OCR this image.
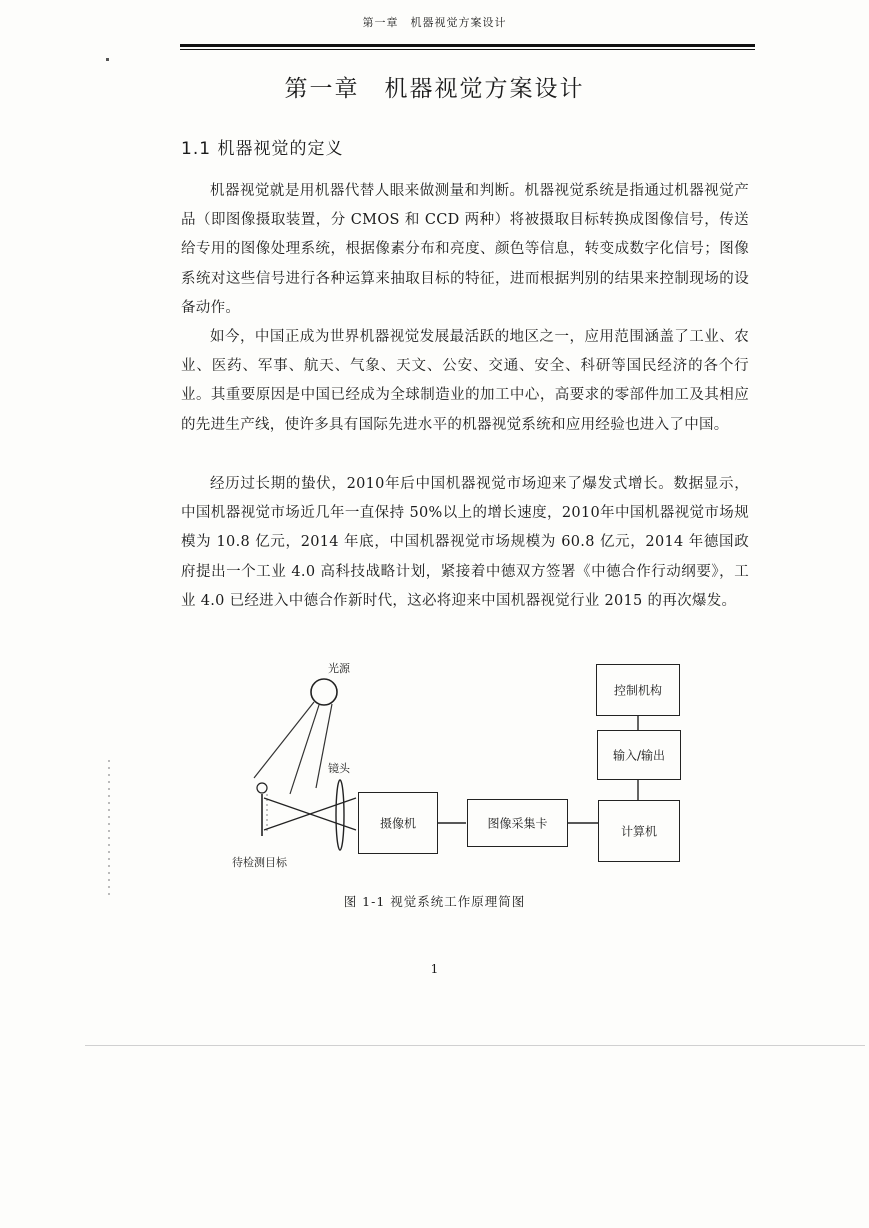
第一章　机器视觉方案设计
第一章　机器视觉方案设计
1.1 机器视觉的定义

机器视觉就是用机器代替人眼来做测量和判断。机器视觉系统是指通过机器视觉产品（即图像摄取装置，分 CMOS 和 CCD 两种）将被摄取目标转换成图像信号，传送给专用的图像处理系统，根据像素分布和亮度、颜色等信息，转变成数字化信号；图像系统对这些信号进行各种运算来抽取目标的特征，进而根据判别的结果来控制现场的设备动作。

如今，中国正成为世界机器视觉发展最活跃的地区之一，应用范围涵盖了工业、农业、医药、军事、航天、气象、天文、公安、交通、安全、科研等国民经济的各个行业。其重要原因是中国已经成为全球制造业的加工中心，高要求的零部件加工及其相应的先进生产线，使许多具有国际先进水平的机器视觉系统和应用经验也进入了中国。

经历过长期的蛰伏，2010年后中国机器视觉市场迎来了爆发式增长。数据显示，中国机器视觉市场近几年一直保持 50%以上的增长速度，2010年中国机器视觉市场规模为 10.8 亿元，2014 年底，中国机器视觉市场规模为 60.8 亿元，2014 年德国政府提出一个工业 4.0 高科技战略计划，紧接着中德双方签署《中德合作行动纲要》，工业 4.0 已经进入中德合作新时代，这必将迎来中国机器视觉行业 2015 的再次爆发。

光源
镜头
待检测目标
摄像机	图像采集卡
计算机
输入/输出
控制机构
图 1-1 视觉系统工作原理简图
1
